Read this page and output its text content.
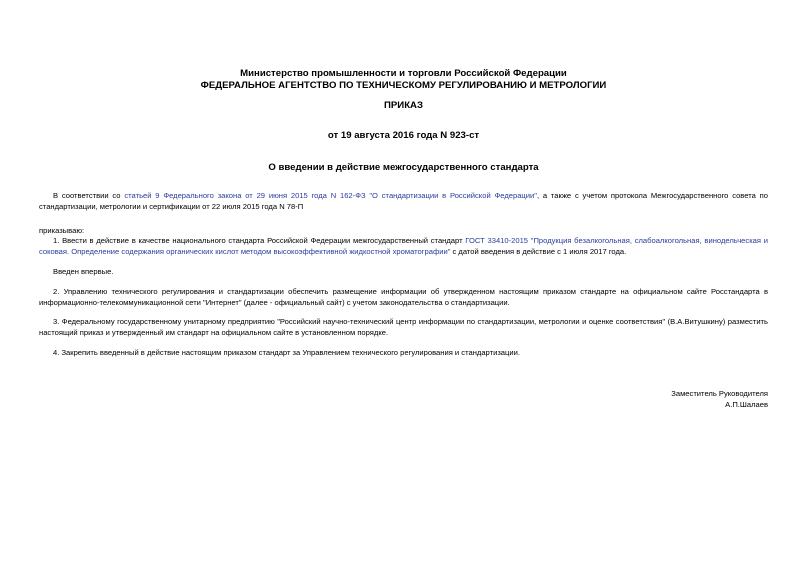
Министерство промышленности и торговли Российской Федерации
ФЕДЕРАЛЬНОЕ АГЕНТСТВО ПО ТЕХНИЧЕСКОМУ РЕГУЛИРОВАНИЮ И МЕТРОЛОГИИ
ПРИКАЗ
от 19 августа 2016 года N 923-ст
О введении в действие межгосударственного стандарта
В соответствии со статьей 9 Федерального закона от 29 июня 2015 года N 162-ФЗ "О стандартизации в Российской Федерации", а также с учетом протокола Межгосударственного совета по стандартизации, метрологии и сертификации от 22 июля 2015 года N 78-П
приказываю:
1. Ввести в действие в качестве национального стандарта Российской Федерации межгосударственный стандарт ГОСТ 33410-2015 "Продукция безалкогольная, слабоалкогольная, винодельческая и соковая. Определение содержания органических кислот методом высокоэффективной жидкостной хроматографии" с датой введения в действие с 1 июля 2017 года.
Введен впервые.
2. Управлению технического регулирования и стандартизации обеспечить размещение информации об утвержденном настоящим приказом стандарте на официальном сайте Росстандарта в информационно-телекоммуникационной сети "Интернет" (далее - официальный сайт) с учетом законодательства о стандартизации.
3. Федеральному государственному унитарному предприятию "Российский научно-технический центр информации по стандартизации, метрологии и оценке соответствия" (В.А.Витушкину) разместить настоящий приказ и утвержденный им стандарт на официальном сайте в установленном порядке.
4. Закрепить введенный в действие настоящим приказом стандарт за Управлением технического регулирования и стандартизации.
Заместитель Руководителя
А.П.Шалаев
